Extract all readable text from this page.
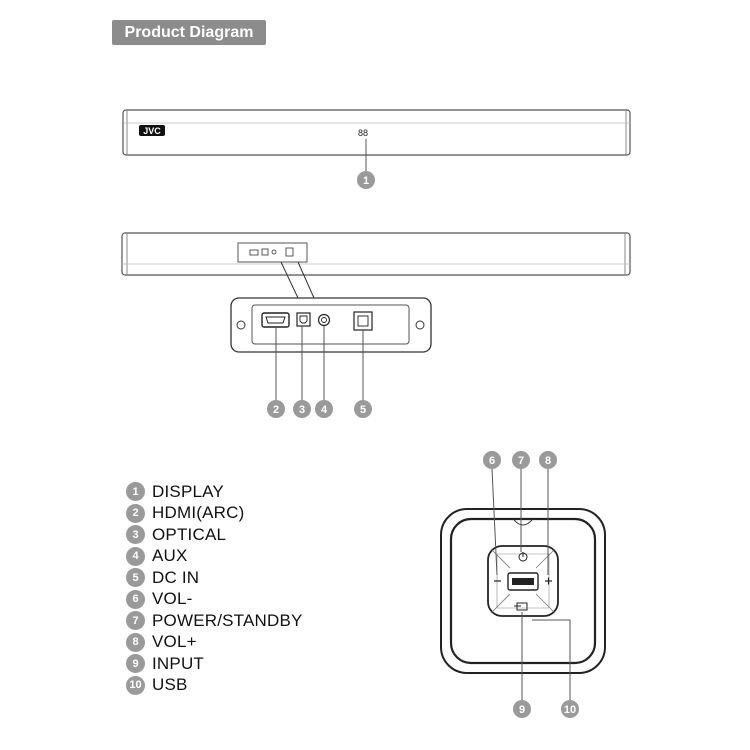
Product Diagram
JVC	88
1
2 3 4	5
6 7 8
9	10
1 DISPLAY
2 HDMI(ARC)
3 OPTICAL
4 AUX
5 DC IN
6 VOL-
7 POWER/STANDBY
8 VOL+
9 INPUT
10 USB
